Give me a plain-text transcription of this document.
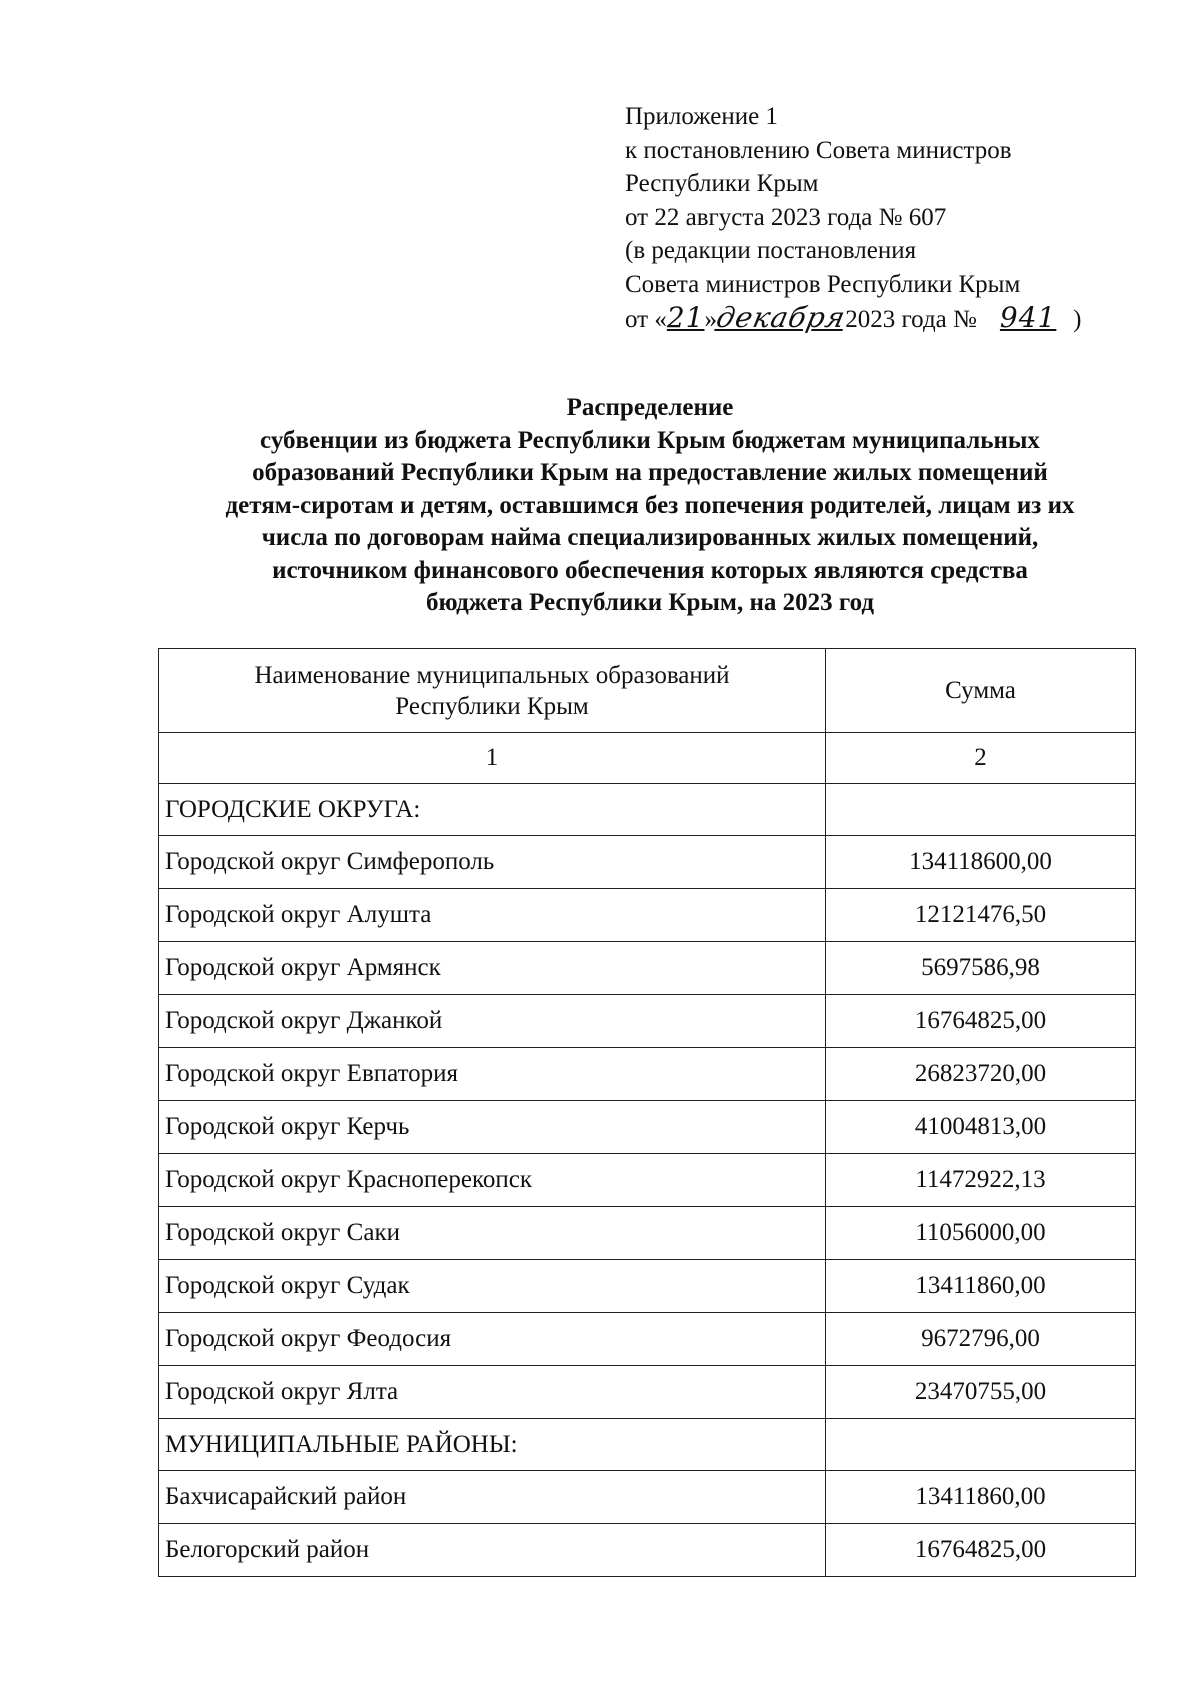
Приложение 1
к постановлению Совета министров
Республики Крым
от 22 августа 2023 года № 607
(в редакции постановления
Совета министров Республики Крым
от «21»декабря2023 года № 941 )
Распределение
субвенции из бюджета Республики Крым бюджетам муниципальных
образований Республики Крым на предоставление жилых помещений
детям-сиротам и детям, оставшимся без попечения родителей, лицам из их
числа по договорам найма специализированных жилых помещений,
источником финансового обеспечения которых являются средства
бюджета Республики Крым, на 2023 год
Наименование муниципальных образований
Республики Крым	Сумма
1	2
ГОРОДСКИЕ ОКРУГА:	
Городской округ Симферополь	134118600,00
Городской округ Алушта	12121476,50
Городской округ Армянск	5697586,98
Городской округ Джанкой	16764825,00
Городской округ Евпатория	26823720,00
Городской округ Керчь	41004813,00
Городской округ Красноперекопск	11472922,13
Городской округ Саки	11056000,00
Городской округ Судак	13411860,00
Городской округ Феодосия	9672796,00
Городской округ Ялта	23470755,00
МУНИЦИПАЛЬНЫЕ РАЙОНЫ:	
Бахчисарайский район	13411860,00
Белогорский район	16764825,00
